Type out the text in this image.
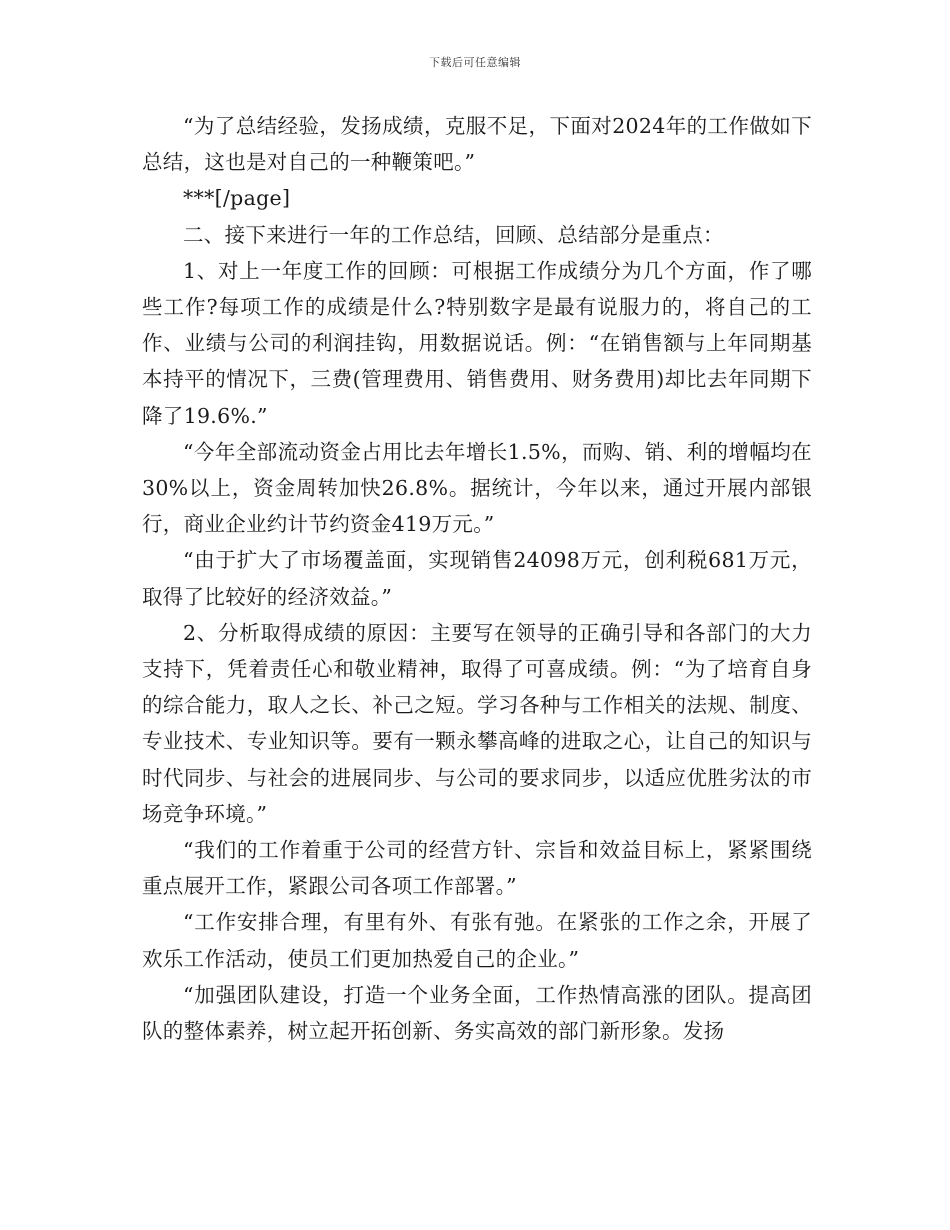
下载后可任意编辑

“为了总结经验，发扬成绩，克服不足，下面对2024年的工作做如下总结，这也是对自己的一种鞭策吧。”

***[/page]

二、接下来进行一年的工作总结，回顾、总结部分是重点：

1、对上一年度工作的回顾：可根据工作成绩分为几个方面，作了哪些工作?每项工作的成绩是什么?特别数字是最有说服力的，将自己的工作、业绩与公司的利润挂钩，用数据说话。例：“在销售额与上年同期基本持平的情况下，三费(管理费用、销售费用、财务费用)却比去年同期下降了19.6%.”

“今年全部流动资金占用比去年增长1.5%，而购、销、利的增幅均在30%以上，资金周转加快26.8%。据统计，今年以来，通过开展内部银行，商业企业约计节约资金419万元。”

“由于扩大了市场覆盖面，实现销售24098万元，创利税681万元，取得了比较好的经济效益。”

2、分析取得成绩的原因：主要写在领导的正确引导和各部门的大力支持下，凭着责任心和敬业精神，取得了可喜成绩。例：“为了培育自身的综合能力，取人之长、补己之短。学习各种与工作相关的法规、制度、专业技术、专业知识等。要有一颗永攀高峰的进取之心，让自己的知识与时代同步、与社会的进展同步、与公司的要求同步，以适应优胜劣汰的市场竞争环境。”

“我们的工作着重于公司的经营方针、宗旨和效益目标上，紧紧围绕重点展开工作，紧跟公司各项工作部署。”

“工作安排合理，有里有外、有张有弛。在紧张的工作之余，开展了欢乐工作活动，使员工们更加热爱自己的企业。”

“加强团队建设，打造一个业务全面，工作热情高涨的团队。提高团队的整体素养，树立起开拓创新、务实高效的部门新形象。发扬
